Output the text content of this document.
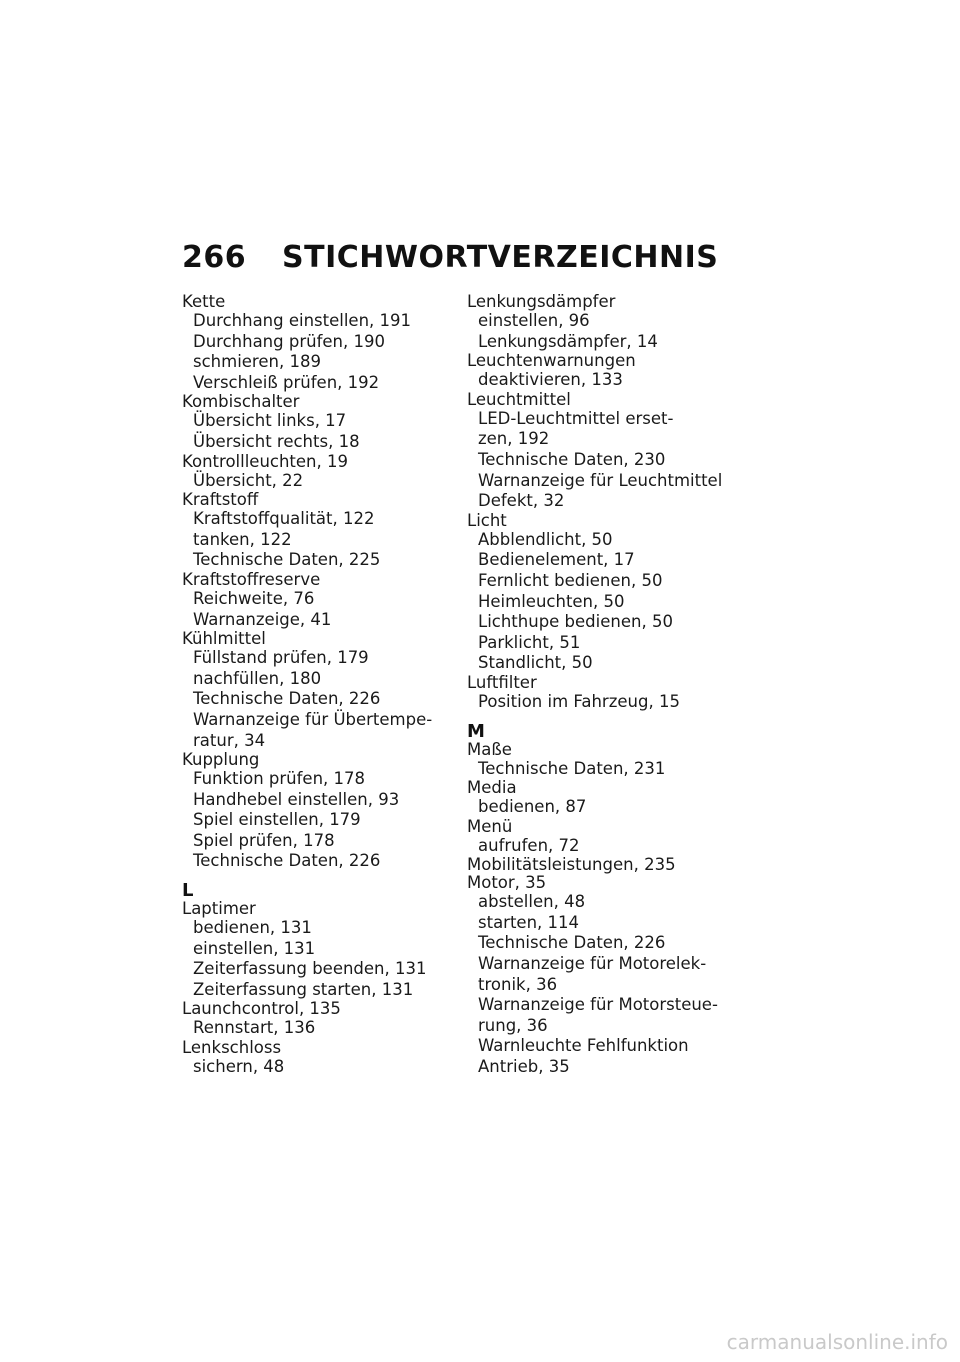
266 STICHWORTVERZEICHNIS
Kette
Durchhang einstellen, 191
Durchhang prüfen, 190
schmieren, 189
Verschleiß prüfen, 192
Kombischalter
Übersicht links, 17
Übersicht rechts, 18
Kontrollleuchten, 19
Übersicht, 22
Kraftstoff
Kraftstoffqualität, 122
tanken, 122
Technische Daten, 225
Kraftstoffreserve
Reichweite, 76
Warnanzeige, 41
Kühlmittel
Füllstand prüfen, 179
nachfüllen, 180
Technische Daten, 226
Warnanzeige für Übertempe-
ratur, 34
Kupplung
Funktion prüfen, 178
Handhebel einstellen, 93
Spiel einstellen, 179
Spiel prüfen, 178
Technische Daten, 226
L
Laptimer
bedienen, 131
einstellen, 131
Zeiterfassung beenden, 131
Zeiterfassung starten, 131
Launchcontrol, 135
Rennstart, 136
Lenkschloss
sichern, 48
Lenkungsdämpfer
einstellen, 96
Lenkungsdämpfer, 14
Leuchtenwarnungen
deaktivieren, 133
Leuchtmittel
LED-Leuchtmittel erset-
zen, 192
Technische Daten, 230
Warnanzeige für Leuchtmittel
Defekt, 32
Licht
Abblendlicht, 50
Bedienelement, 17
Fernlicht bedienen, 50
Heimleuchten, 50
Lichthupe bedienen, 50
Parklicht, 51
Standlicht, 50
Luftfilter
Position im Fahrzeug, 15
M
Maße
Technische Daten, 231
Media
bedienen, 87
Menü
aufrufen, 72
Mobilitätsleistungen, 235
Motor, 35
abstellen, 48
starten, 114
Technische Daten, 226
Warnanzeige für Motorelek-
tronik, 36
Warnanzeige für Motorsteue-
rung, 36
Warnleuchte Fehlfunktion
Antrieb, 35
carmanualsonline.info
